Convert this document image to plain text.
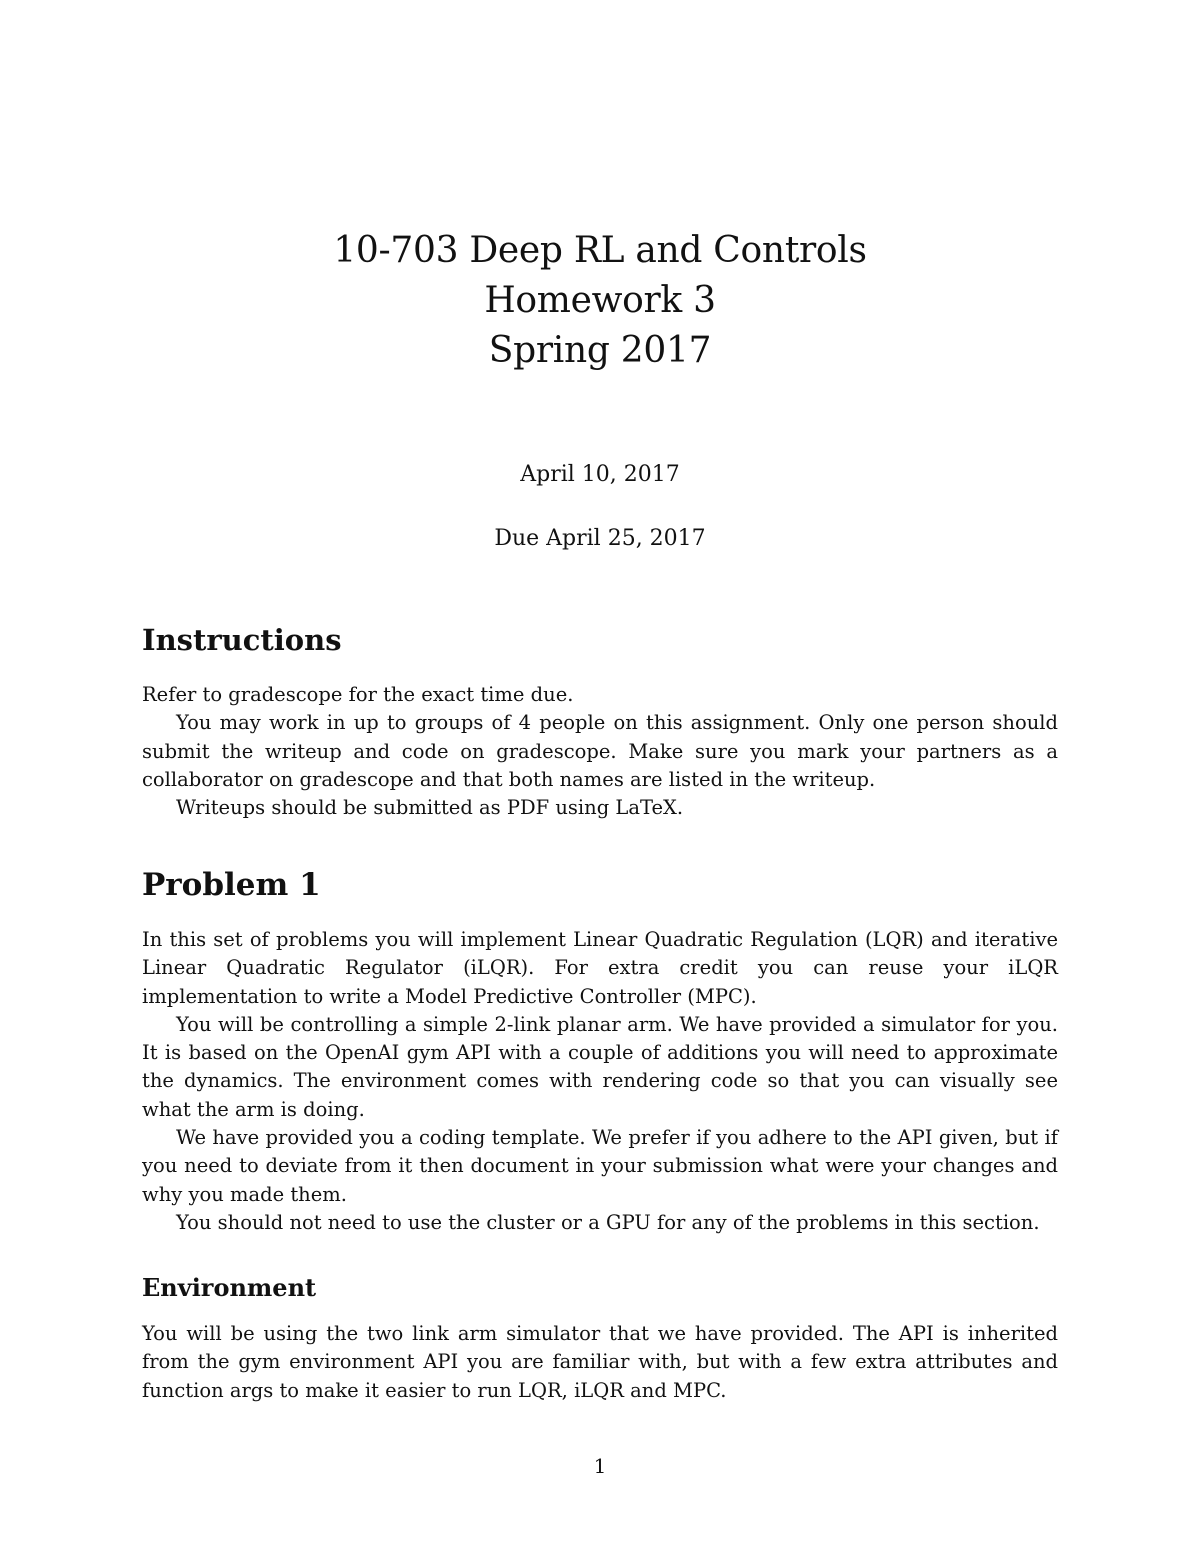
10-703 Deep RL and Controls
Homework 3
Spring 2017
April 10, 2017
Due April 25, 2017
Instructions

Refer to gradescope for the exact time due.

You may work in up to groups of 4 people on this assignment. Only one person should submit the writeup and code on gradescope. Make sure you mark your partners as a collaborator on gradescope and that both names are listed in the writeup.

Writeups should be submitted as PDF using LaTeX.

Problem 1

In this set of problems you will implement Linear Quadratic Regulation (LQR) and iterative Linear Quadratic Regulator (iLQR). For extra credit you can reuse your iLQR implementation to write a Model Predictive Controller (MPC).

You will be controlling a simple 2-link planar arm. We have provided a simulator for you. It is based on the OpenAI gym API with a couple of additions you will need to approximate the dynamics. The environment comes with rendering code so that you can visually see what the arm is doing.

We have provided you a coding template. We prefer if you adhere to the API given, but if you need to deviate from it then document in your submission what were your changes and why you made them.

You should not need to use the cluster or a GPU for any of the problems in this section.

Environment

You will be using the two link arm simulator that we have provided. The API is inherited from the gym environment API you are familiar with, but with a few extra attributes and function args to make it easier to run LQR, iLQR and MPC.

1
